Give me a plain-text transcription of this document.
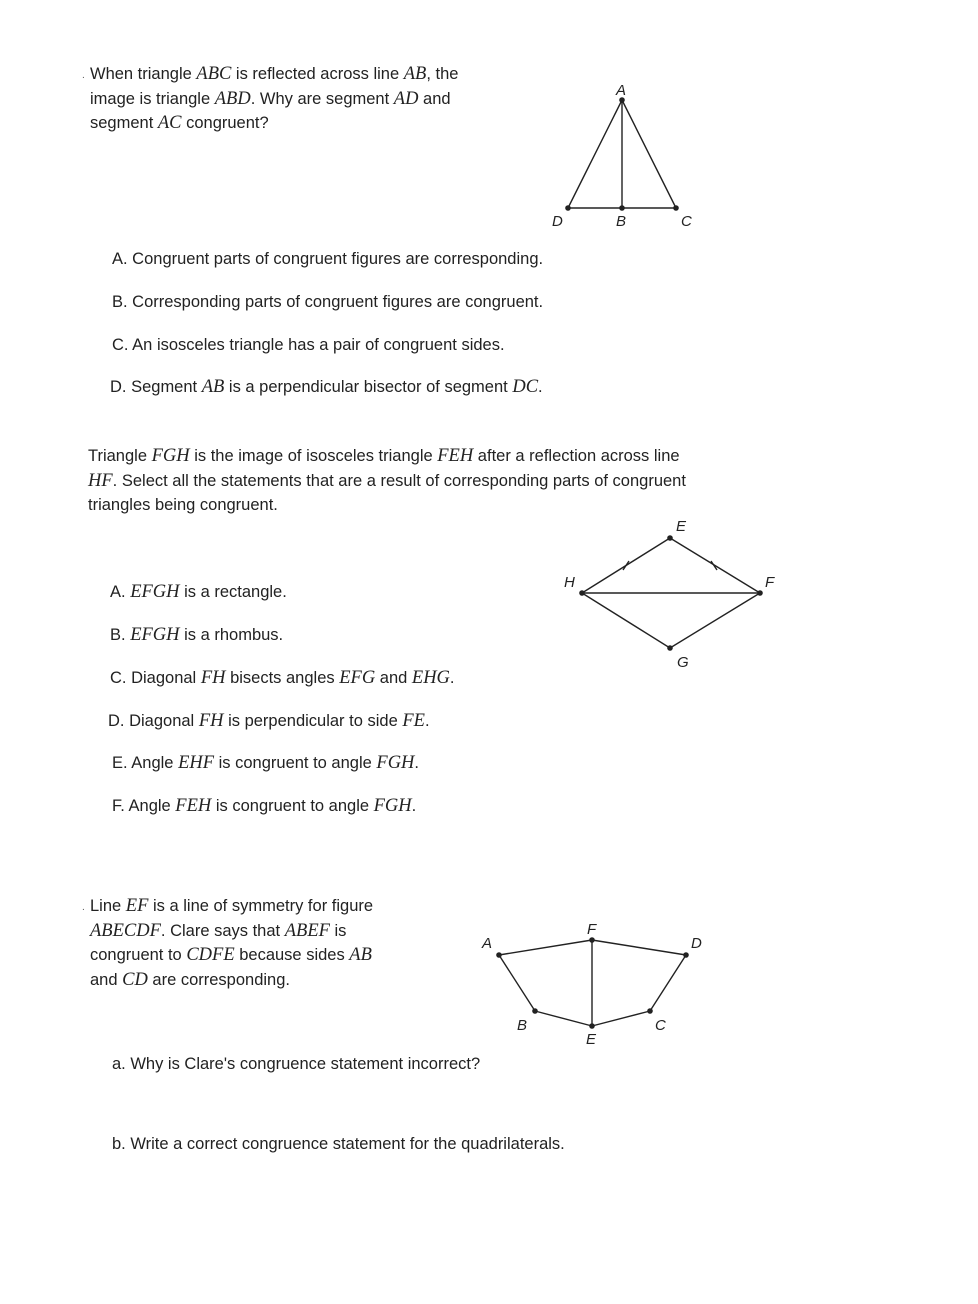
. When triangle ABC is reflected across line AB, the
image is triangle ABD. Why are segment AD and
segment AC congruent?
A
D	B	C
A. Congruent parts of congruent figures are corresponding.
B. Corresponding parts of congruent figures are congruent.
C. An isosceles triangle has a pair of congruent sides.
D. Segment AB is a perpendicular bisector of segment DC.
Triangle FGH is the image of isosceles triangle FEH after a reflection across line
HF. Select all the statements that are a result of corresponding parts of congruent
triangles being congruent.
E
H	F
G
A. EFGH is a rectangle.
B. EFGH is a rhombus.
C. Diagonal FH bisects angles EFG and EHG.
D. Diagonal FH is perpendicular to side FE.
E. Angle EHF is congruent to angle FGH.
F. Angle FEH is congruent to angle FGH.
. Line EF is a line of symmetry for figure
ABECDF. Clare says that ABEF is
congruent to CDFE because sides AB
and CD are corresponding.
A
F
D
C
B
E
a. Why is Clare's congruence statement incorrect?
b. Write a correct congruence statement for the quadrilaterals.
